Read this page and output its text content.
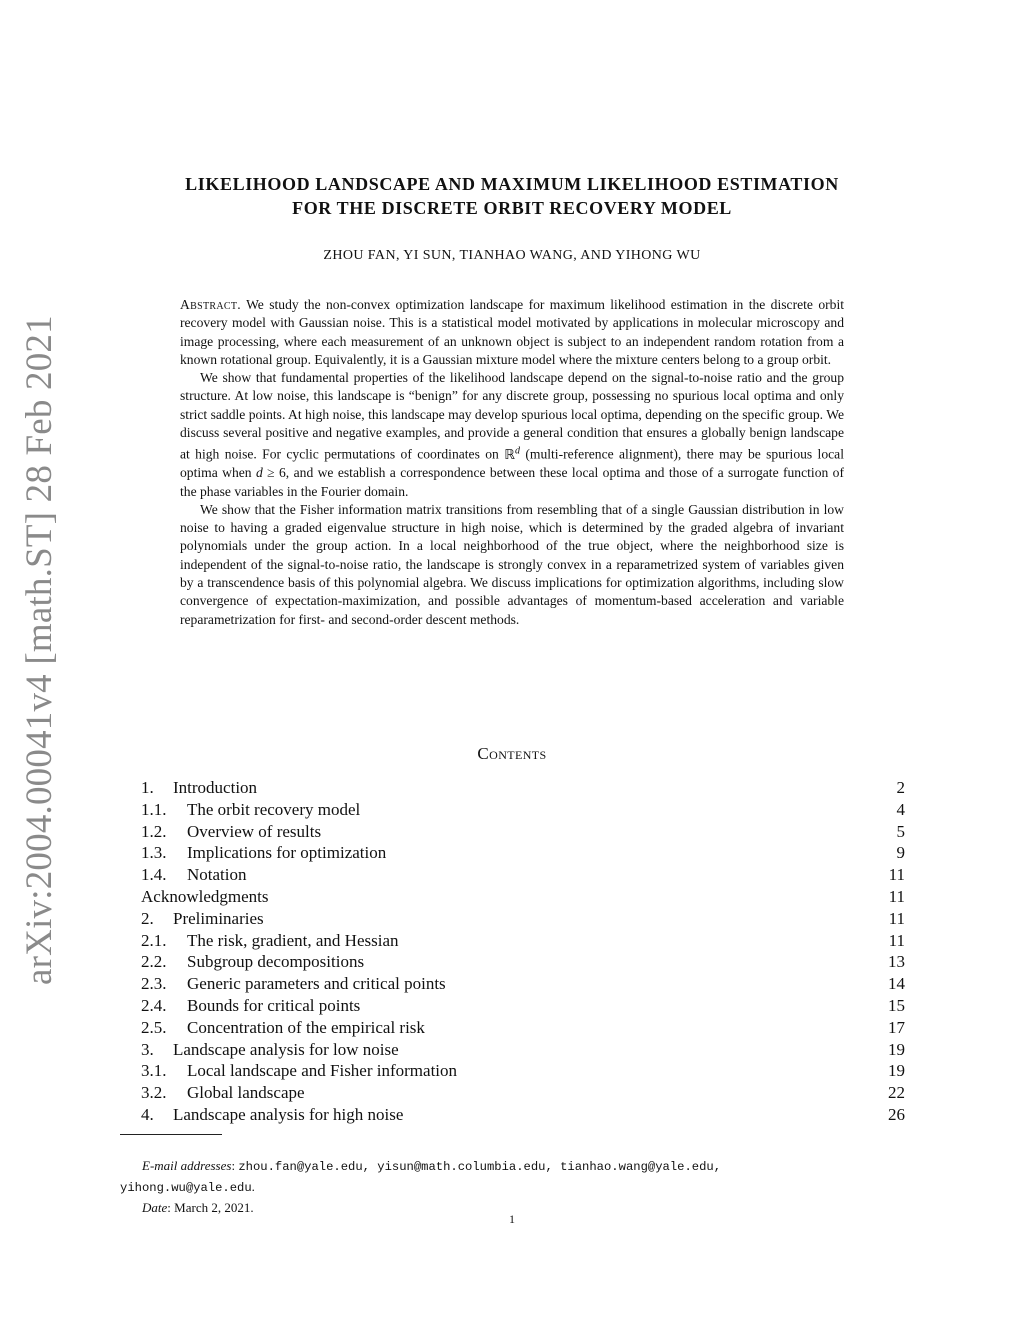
arXiv:2004.00041v4 [math.ST] 28 Feb 2021
LIKELIHOOD LANDSCAPE AND MAXIMUM LIKELIHOOD ESTIMATION
FOR THE DISCRETE ORBIT RECOVERY MODEL
ZHOU FAN, YI SUN, TIANHAO WANG, AND YIHONG WU

Abstract. We study the non-convex optimization landscape for maximum likelihood estimation in the discrete orbit recovery model with Gaussian noise. This is a statistical model motivated by applications in molecular microscopy and image processing, where each measurement of an unknown object is subject to an independent random rotation from a known rotational group. Equivalently, it is a Gaussian mixture model where the mixture centers belong to a group orbit.

We show that fundamental properties of the likelihood landscape depend on the signal-to-noise ratio and the group structure. At low noise, this landscape is “benign” for any discrete group, possessing no spurious local optima and only strict saddle points. At high noise, this landscape may develop spurious local optima, depending on the specific group. We discuss several positive and negative examples, and provide a general condition that ensures a globally benign landscape at high noise. For cyclic permutations of coordinates on ℝ$^d$ (multi-reference alignment), there may be spurious local optima when d ≥ 6, and we establish a correspondence between these local optima and those of a surrogate function of the phase variables in the Fourier domain.

We show that the Fisher information matrix transitions from resembling that of a single Gaussian distribution in low noise to having a graded eigenvalue structure in high noise, which is determined by the graded algebra of invariant polynomials under the group action. In a local neighborhood of the true object, where the neighborhood size is independent of the signal-to-noise ratio, the landscape is strongly convex in a reparametrized system of variables given by a transcendence basis of this polynomial algebra. We discuss implications for optimization algorithms, including slow convergence of expectation-maximization, and possible advantages of momentum-based acceleration and variable reparametrization for first- and second-order descent methods.

Contents
1. Introduction	2
1.1. The orbit recovery model	4
1.2. Overview of results	5
1.3. Implications for optimization	9
1.4. Notation	11
Acknowledgments	11
2. Preliminaries	11
2.1. The risk, gradient, and Hessian	11
2.2. Subgroup decompositions	13
2.3. Generic parameters and critical points	14
2.4. Bounds for critical points	15
2.5. Concentration of the empirical risk	17
3. Landscape analysis for low noise	19
3.1. Local landscape and Fisher information	19
3.2. Global landscape	22
4. Landscape analysis for high noise	26
E-mail addresses: zhou.fan@yale.edu, yisun@math.columbia.edu, tianhao.wang@yale.edu,
yihong.wu@yale.edu.
Date: March 2, 2021.
1
